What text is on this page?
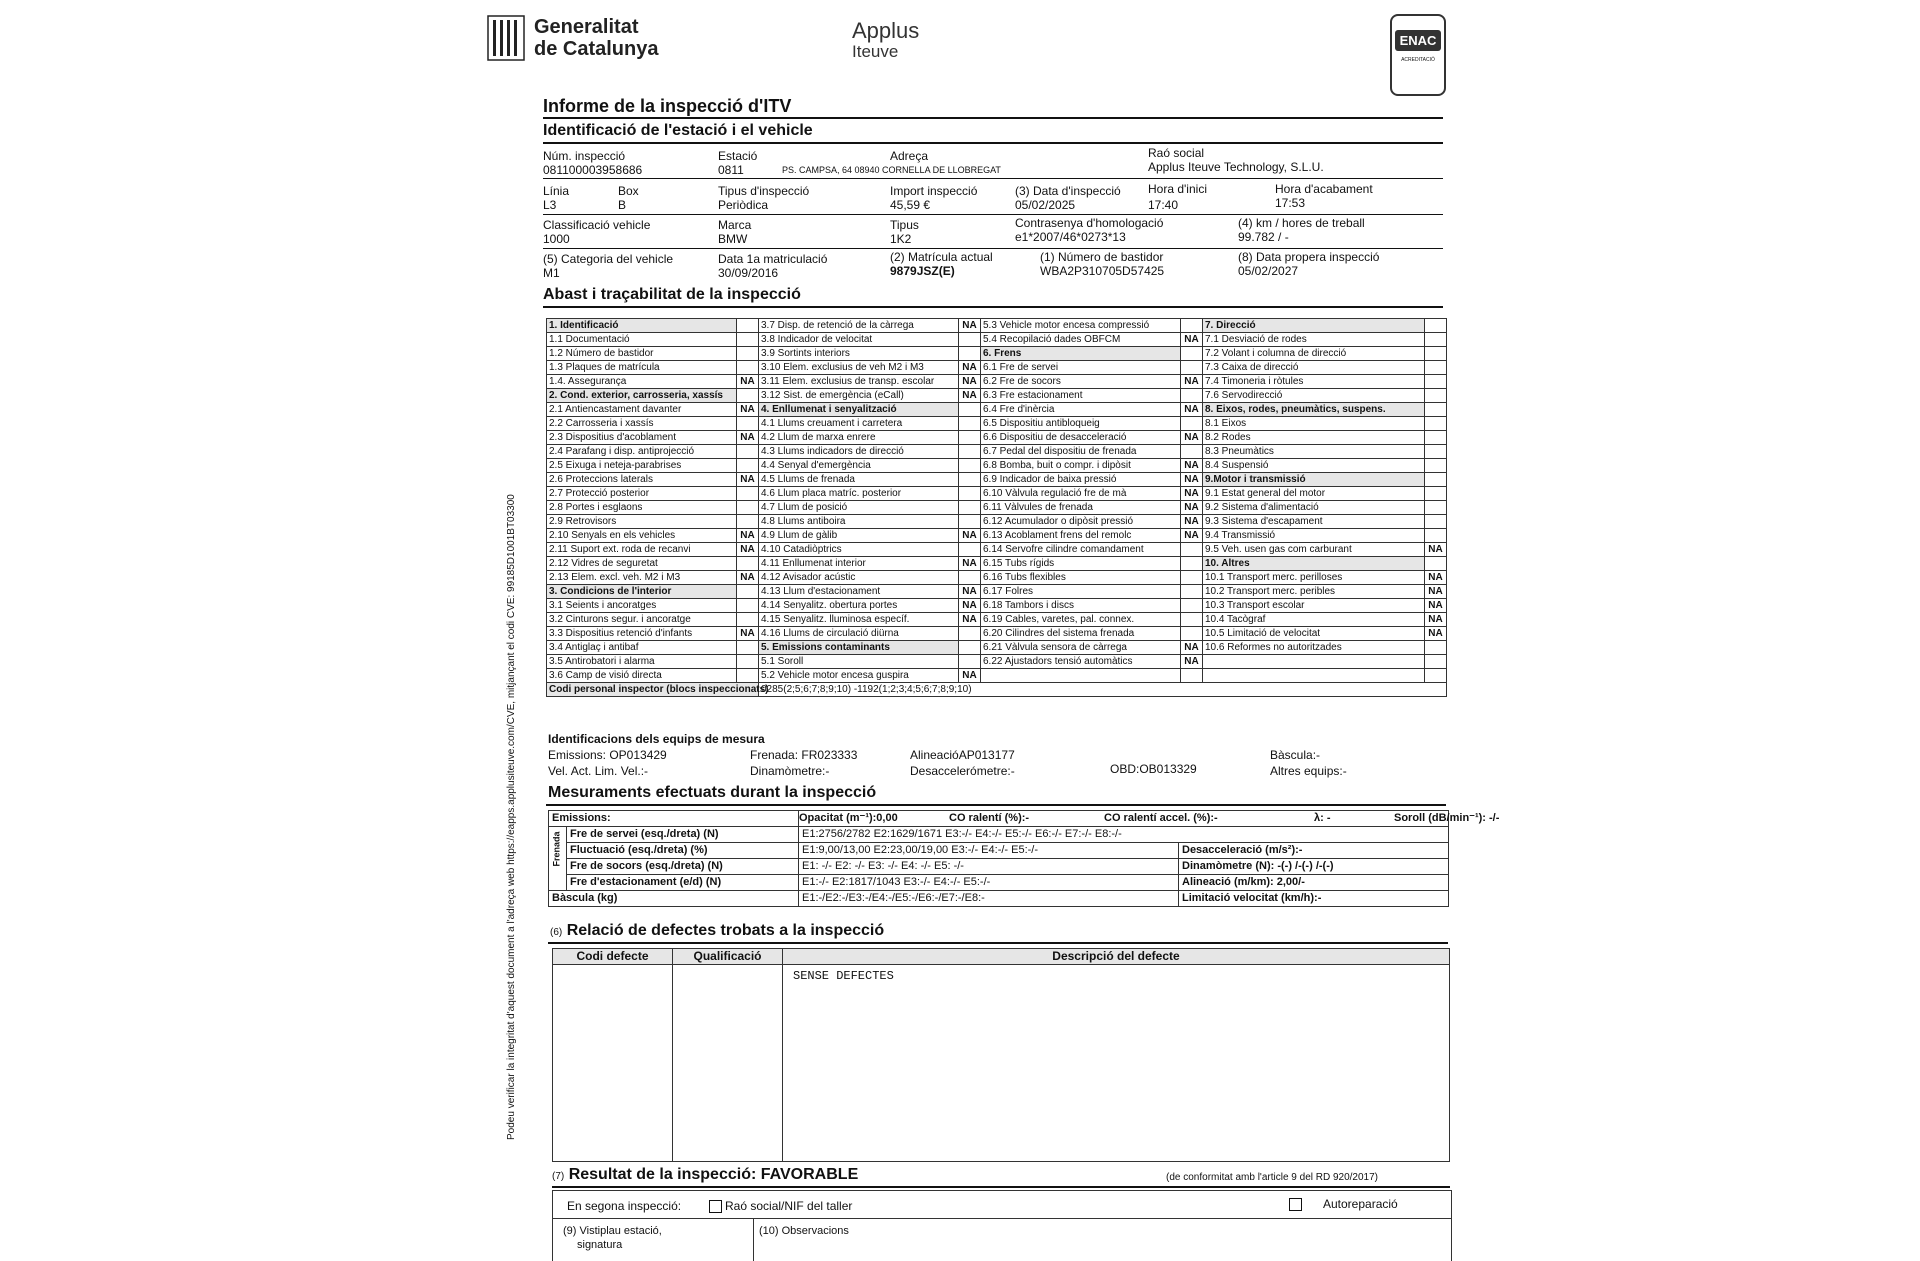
Generalitat
de Catalunya
Applus
Iteuve
ENAC
ACREDITACIÓ
Informe de la inspecció d'ITV
Identificació de l'estació i el vehicle
Núm. inspecció
081100003958686
Estació
0811
Adreça
PS. CAMPSA, 64 08940 CORNELLA DE LLOBREGAT
Raó social
Applus Iteuve Technology, S.L.U.
Línia
L3
Box
B
Tipus d'inspecció
Periòdica
Import inspecció
45,59 €
(3) Data d'inspecció
05/02/2025
Hora d'inici
17:40
Hora d'acabament
17:53
Classificació vehicle
1000
Marca
BMW
Tipus
1K2
Contrasenya d'homologació
e1*2007/46*0273*13
(4) km / hores de treball
99.782 / -
(5) Categoria del vehicle
M1
Data 1a matriculació
30/09/2016
(2) Matrícula actual
9879JSZ(E)
(1) Número de bastidor
WBA2P310705D57425
(8) Data propera inspecció
05/02/2027
Abast i traçabilitat de la inspecció
1. Identificació		3.7 Disp. de retenció de la càrrega	NA	5.3 Vehicle motor encesa compressió		7. Direcció	
1.1 Documentació		3.8 Indicador de velocitat		5.4 Recopilació dades OBFCM	NA	7.1 Desviació de rodes	
1.2 Número de bastidor		3.9 Sortints interiors		6. Frens		7.2 Volant i columna de direcció	
1.3 Plaques de matrícula		3.10 Elem. exclusius de veh M2 i M3	NA	6.1 Fre de servei		7.3 Caixa de direcció	
1.4. Assegurança	NA	3.11 Elem. exclusius de transp. escolar	NA	6.2 Fre de socors	NA	7.4 Timoneria i ròtules	
2. Cond. exterior, carrosseria, xassís		3.12 Sist. de emergència (eCall)	NA	6.3 Fre estacionament		7.6 Servodirecció	
2.1 Antiencastament davanter	NA	4. Enllumenat i senyalització		6.4 Fre d'inèrcia	NA	8. Eixos, rodes, pneumàtics, suspens.	
2.2 Carrosseria i xassís		4.1 Llums creuament i carretera		6.5 Dispositiu antibloqueig		8.1 Eixos	
2.3 Dispositius d'acoblament	NA	4.2 Llum de marxa enrere		6.6 Dispositiu de desacceleració	NA	8.2 Rodes	
2.4 Parafang i disp. antiprojecció		4.3 Llums indicadors de direcció		6.7 Pedal del dispositiu de frenada		8.3 Pneumàtics	
2.5 Eixuga i neteja-parabrises		4.4 Senyal d'emergència		6.8 Bomba, buit o compr. i dipòsit	NA	8.4 Suspensió	
2.6 Proteccions laterals	NA	4.5 Llums de frenada		6.9 Indicador de baixa pressió	NA	9.Motor i transmissió	
2.7 Protecció posterior		4.6 Llum placa matríc. posterior		6.10 Vàlvula regulació fre de mà	NA	9.1 Estat general del motor	
2.8 Portes i esglaons		4.7 Llum de posició		6.11 Vàlvules de frenada	NA	9.2 Sistema d'alimentació	
2.9 Retrovisors		4.8 Llums antiboira		6.12 Acumulador o dipòsit pressió	NA	9.3 Sistema d'escapament	
2.10 Senyals en els vehicles	NA	4.9 Llum de gàlib	NA	6.13 Acoblament frens del remolc	NA	9.4 Transmissió	
2.11 Suport ext. roda de recanvi	NA	4.10 Catadiòptrics		6.14 Servofre cilindre comandament		9.5 Veh. usen gas com carburant	NA
2.12 Vidres de seguretat		4.11 Enllumenat interior	NA	6.15 Tubs rígids		10. Altres	
2.13 Elem. excl. veh. M2 i M3	NA	4.12 Avisador acústic		6.16 Tubs flexibles		10.1 Transport merc. perilloses	NA
3. Condicions de l'interior		4.13 Llum d'estacionament	NA	6.17 Folres		10.2 Transport merc. peribles	NA
3.1 Seients i ancoratges		4.14 Senyalitz. obertura portes	NA	6.18 Tambors i discs		10.3 Transport escolar	NA
3.2 Cinturons segur. i ancoratge		4.15 Senyalitz. lluminosa específ.	NA	6.19 Cables, varetes, pal. connex.		10.4 Tacògraf	NA
3.3 Dispositius retenció d'infants	NA	4.16 Llums de circulació diürna		6.20 Cilindres del sistema frenada		10.5 Limitació de velocitat	NA
3.4 Antiglaç i antibaf		5. Emissions contaminants		6.21 Vàlvula sensora de càrrega	NA	10.6 Reformes no autoritzades	
3.5 Antirobatori i alarma		5.1 Soroll		6.22 Ajustadors tensió automàtics	NA		
3.6 Camp de visió directa		5.2 Vehicle motor encesa guspira	NA				
Codi personal inspector (blocs inspeccionats)		0285(2;5;6;7;8;9;10) -1192(1;2;3;4;5;6;7;8;9;10)					
Identificacions dels equips de mesura
Emissions: OP013429	Frenada: FR023333	AlineacióAP013177	Bàscula:-
Vel. Act. Lim. Vel.:-	Dinamòmetre:-	Desaccelerómetre:-	OBD:OB013329	Altres equips:-
Mesuraments efectuats durant la inspecció
Emissions:		Opacitat (m⁻¹):0,00 CO ralentí (%):- CO ralentí accel. (%):- λ: - Soroll (dB/min⁻¹): -/-	

Frenada	Fre de servei (esq./dreta) (N)	E1:2756/2782 E2:1629/1671 E3:-/- E4:-/- E5:-/- E6:-/- E7:-/- E8:-/-	
	Fluctuació (esq./dreta) (%)	E1:9,00/13,00 E2:23,00/19,00 E3:-/- E4:-/- E5:-/-	Desacceleració (m/s²):-
	Fre de socors (esq./dreta) (N)	E1: -/- E2: -/- E3: -/- E4: -/- E5: -/-	Dinamòmetre (N): -(-) /-(-) /-(-)
	Fre d'estacionament (e/d) (N)	E1:-/- E2:1817/1043 E3:-/- E4:-/- E5:-/-	Alineació (m/km): 2,00/-
Bàscula (kg)		E1:-/E2:-/E3:-/E4:-/E5:-/E6:-/E7:-/E8:-	Limitació velocitat (km/h):-
(6) Relació de defectes trobats a la inspecció
Codi defecte	Qualificació	Descripció del defecte
		SENSE DEFECTES
(7) Resultat de la inspecció: FAVORABLE	(de conformitat amb l'article 9 del RD 920/2017)
En segona inspecció:	Raó social/NIF del taller	Autoreparació
(9) Vistiplau estació,
signatura
(10) Observacions
Podeu verificar la integritat d'aquest document a l'adreça web https://eapps.applusiteuve.com/CVE, mitjançant el codi CVE: 99185D1001BT03300
